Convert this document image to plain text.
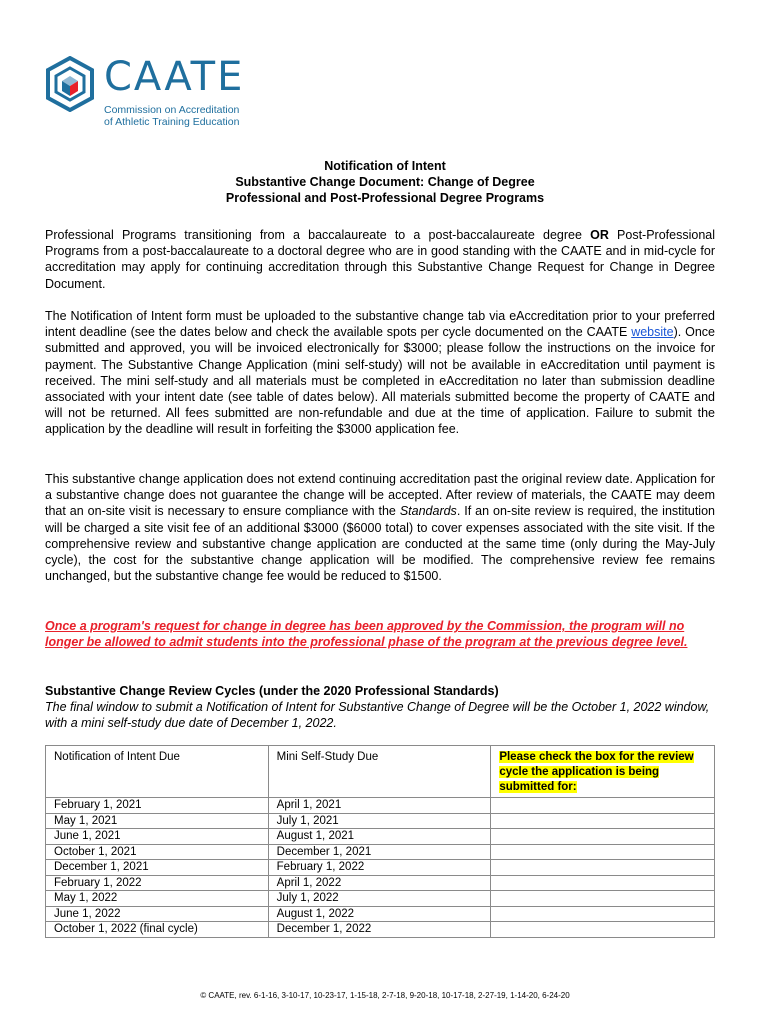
CAATE
Commission on Accreditation
of Athletic Training Education
Notification of Intent
Substantive Change Document: Change of Degree
Professional and Post-Professional Degree Programs

Professional Programs transitioning from a baccalaureate to a post-baccalaureate degree OR Post-Professional Programs from a post-baccalaureate to a doctoral degree who are in good standing with the CAATE and in mid-cycle for accreditation may apply for continuing accreditation through this Substantive Change Request for Change in Degree Document.

The Notification of Intent form must be uploaded to the substantive change tab via eAccreditation prior to your preferred intent deadline (see the dates below and check the available spots per cycle documented on the CAATE website). Once submitted and approved, you will be invoiced electronically for $3000; please follow the instructions on the invoice for payment. The Substantive Change Application (mini self-study) will not be available in eAccreditation until payment is received. The mini self-study and all materials must be completed in eAccreditation no later than submission deadline associated with your intent date (see table of dates below). All materials submitted become the property of CAATE and will not be returned. All fees submitted are non-refundable and due at the time of application. Failure to submit the application by the deadline will result in forfeiting the $3000 application fee.

This substantive change application does not extend continuing accreditation past the original review date. Application for a substantive change does not guarantee the change will be accepted. After review of materials, the CAATE may deem that an on-site visit is necessary to ensure compliance with the Standards. If an on-site review is required, the institution will be charged a site visit fee of an additional $3000 ($6000 total) to cover expenses associated with the site visit. If the comprehensive review and substantive change application are conducted at the same time (only during the May-July cycle), the cost for the substantive change application will be modified. The comprehensive review fee remains unchanged, but the substantive change fee would be reduced to $1500.

Once a program's request for change in degree has been approved by the Commission, the program will no longer be allowed to admit students into the professional phase of the program at the previous degree level.

Substantive Change Review Cycles (under the 2020 Professional Standards)
The final window to submit a Notification of Intent for Substantive Change of Degree will be the October 1, 2022 window, with a mini self-study due date of December 1, 2022.
Notification of Intent Due	Mini Self-Study Due	Please check the box for the review cycle the application is being submitted for:
February 1, 2021	April 1, 2021	
May 1, 2021	July 1, 2021	
June 1, 2021	August 1, 2021	
October 1, 2021	December 1, 2021	
December 1, 2021	February 1, 2022	
February 1, 2022	April 1, 2022	
May 1, 2022	July 1, 2022	
June 1, 2022	August 1, 2022	
October 1, 2022 (final cycle)	December 1, 2022	
© CAATE, rev. 6-1-16, 3-10-17, 10-23-17, 1-15-18, 2-7-18, 9-20-18, 10-17-18, 2-27-19, 1-14-20, 6-24-20
